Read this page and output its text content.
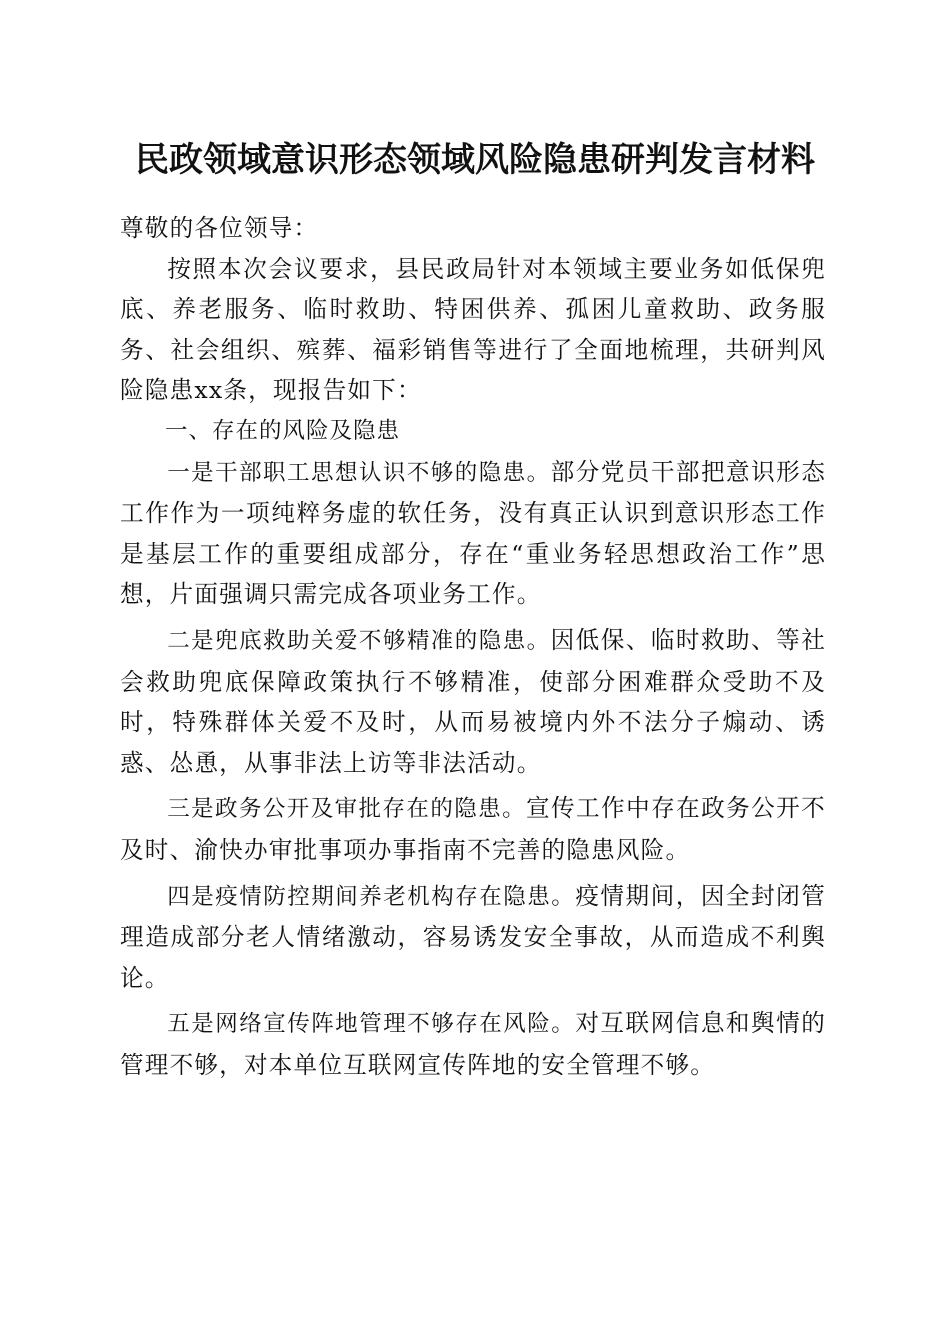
民政领域意识形态领域风险隐患研判发言材料

尊敬的各位领导：

按照本次会议要求，县民政局针对本领域主要业务如低保兜底、养老服务、临时救助、特困供养、孤困儿童救助、政务服务、社会组织、殡葬、福彩销售等进行了全面地梳理，共研判风险隐患xx条，现报告如下：

一、存在的风险及隐患

一是干部职工思想认识不够的隐患。部分党员干部把意识形态工作作为一项纯粹务虚的软任务，没有真正认识到意识形态工作是基层工作的重要组成部分，存在“重业务轻思想政治工作”思想，片面强调只需完成各项业务工作。

二是兜底救助关爱不够精准的隐患。因低保、临时救助、等社会救助兜底保障政策执行不够精准，使部分困难群众受助不及时，特殊群体关爱不及时，从而易被境内外不法分子煽动、诱惑、怂恿，从事非法上访等非法活动。

三是政务公开及审批存在的隐患。宣传工作中存在政务公开不及时、渝快办审批事项办事指南不完善的隐患风险。

四是疫情防控期间养老机构存在隐患。疫情期间，因全封闭管理造成部分老人情绪激动，容易诱发安全事故，从而造成不利舆论。

五是网络宣传阵地管理不够存在风险。对互联网信息和舆情的管理不够，对本单位互联网宣传阵地的安全管理不够。
